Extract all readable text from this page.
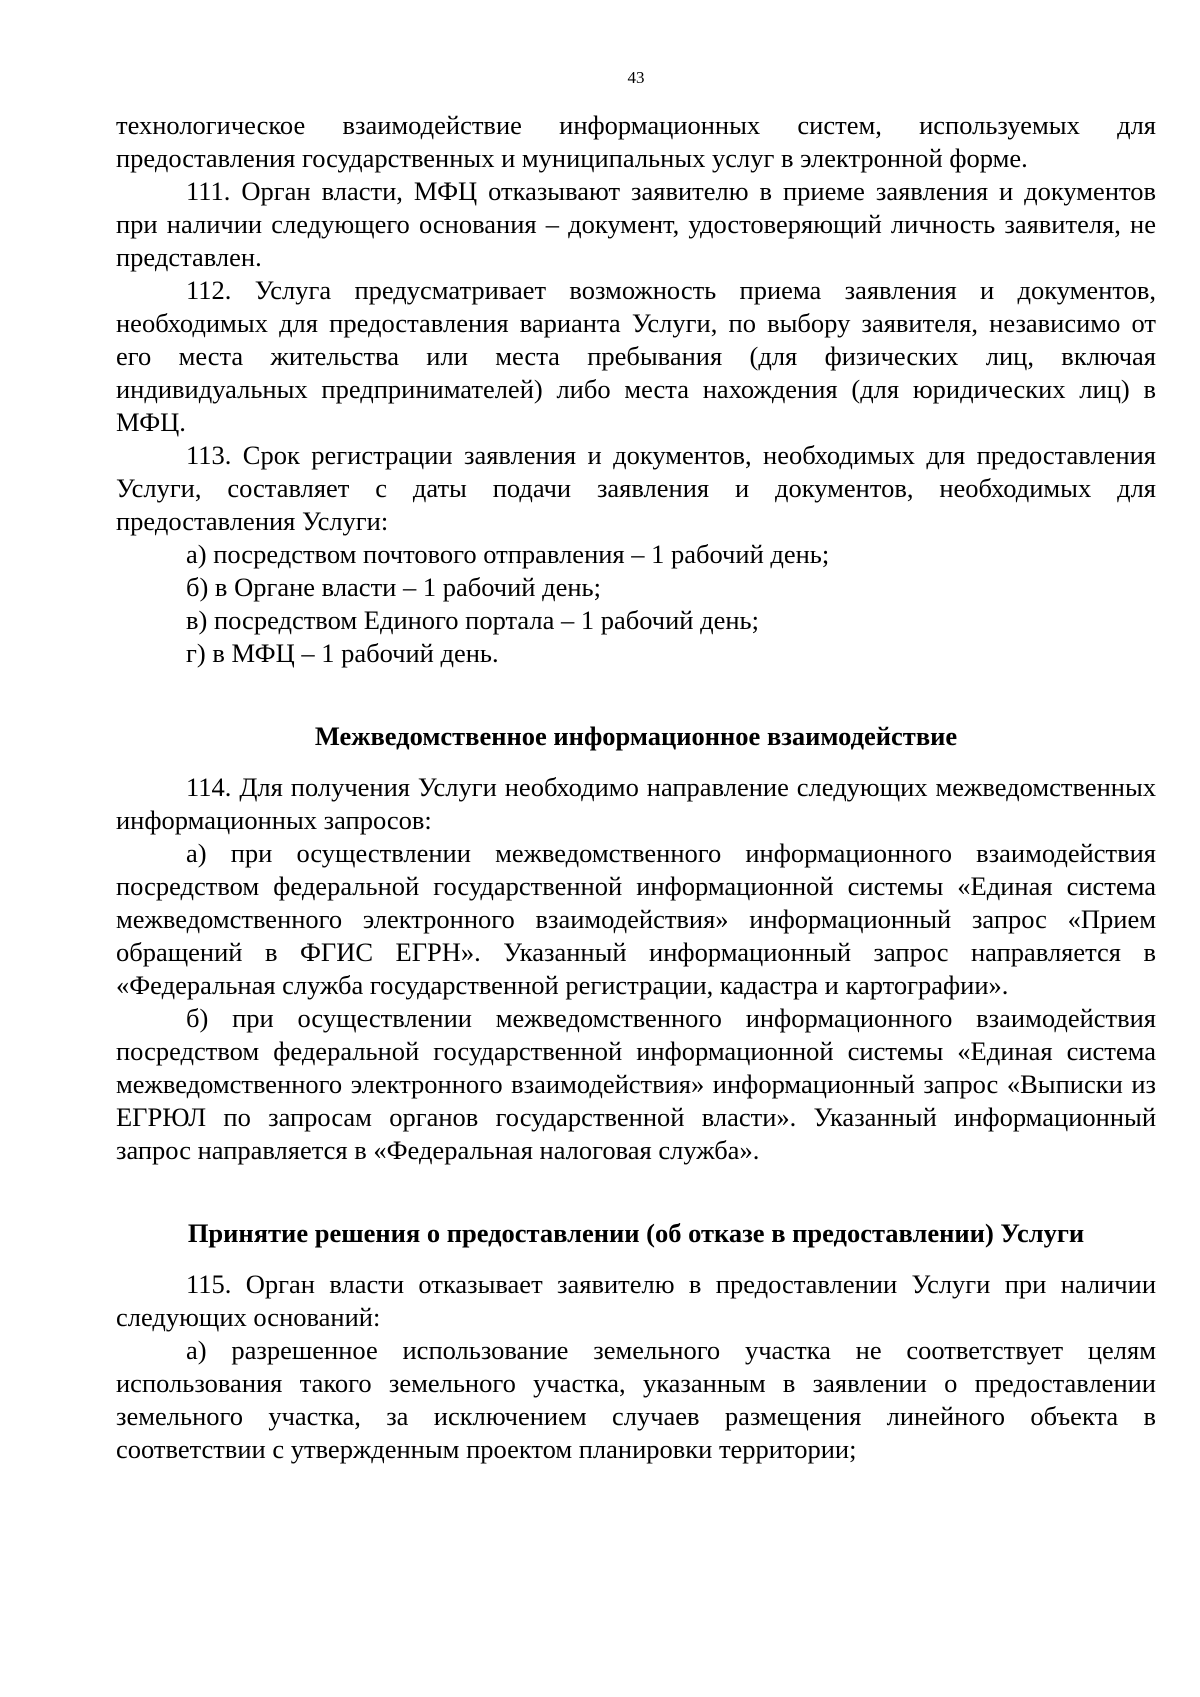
43

технологическое взаимодействие информационных систем, используемых для предоставления государственных и муниципальных услуг в электронной форме.

111. Орган власти, МФЦ отказывают заявителю в приеме заявления и документов при наличии следующего основания – документ, удостоверяющий личность заявителя, не представлен.

112. Услуга предусматривает возможность приема заявления и документов, необходимых для предоставления варианта Услуги, по выбору заявителя, независимо от его места жительства или места пребывания (для физических лиц, включая индивидуальных предпринимателей) либо места нахождения (для юридических лиц) в МФЦ.

113. Срок регистрации заявления и документов, необходимых для предоставления Услуги, составляет с даты подачи заявления и документов, необходимых для предоставления Услуги:

а) посредством почтового отправления – 1 рабочий день;

б) в Органе власти – 1 рабочий день;

в) посредством Единого портала – 1 рабочий день;

г) в МФЦ – 1 рабочий день.

Межведомственное информационное взаимодействие

114. Для получения Услуги необходимо направление следующих межведомственных информационных запросов:

а) при осуществлении межведомственного информационного взаимодействия посредством федеральной государственной информационной системы «Единая система межведомственного электронного взаимодействия» информационный запрос «Прием обращений в ФГИС ЕГРН». Указанный информационный запрос направляется в «Федеральная служба государственной регистрации, кадастра и картографии».

б) при осуществлении межведомственного информационного взаимодействия посредством федеральной государственной информационной системы «Единая система межведомственного электронного взаимодействия» информационный запрос «Выписки из ЕГРЮЛ по запросам органов государственной власти». Указанный информационный запрос направляется в «Федеральная налоговая служба».

Принятие решения о предоставлении (об отказе в предоставлении) Услуги

115. Орган власти отказывает заявителю в предоставлении Услуги при наличии следующих оснований:

а) разрешенное использование земельного участка не соответствует целям использования такого земельного участка, указанным в заявлении о предоставлении земельного участка, за исключением случаев размещения линейного объекта в соответствии с утвержденным проектом планировки территории;
